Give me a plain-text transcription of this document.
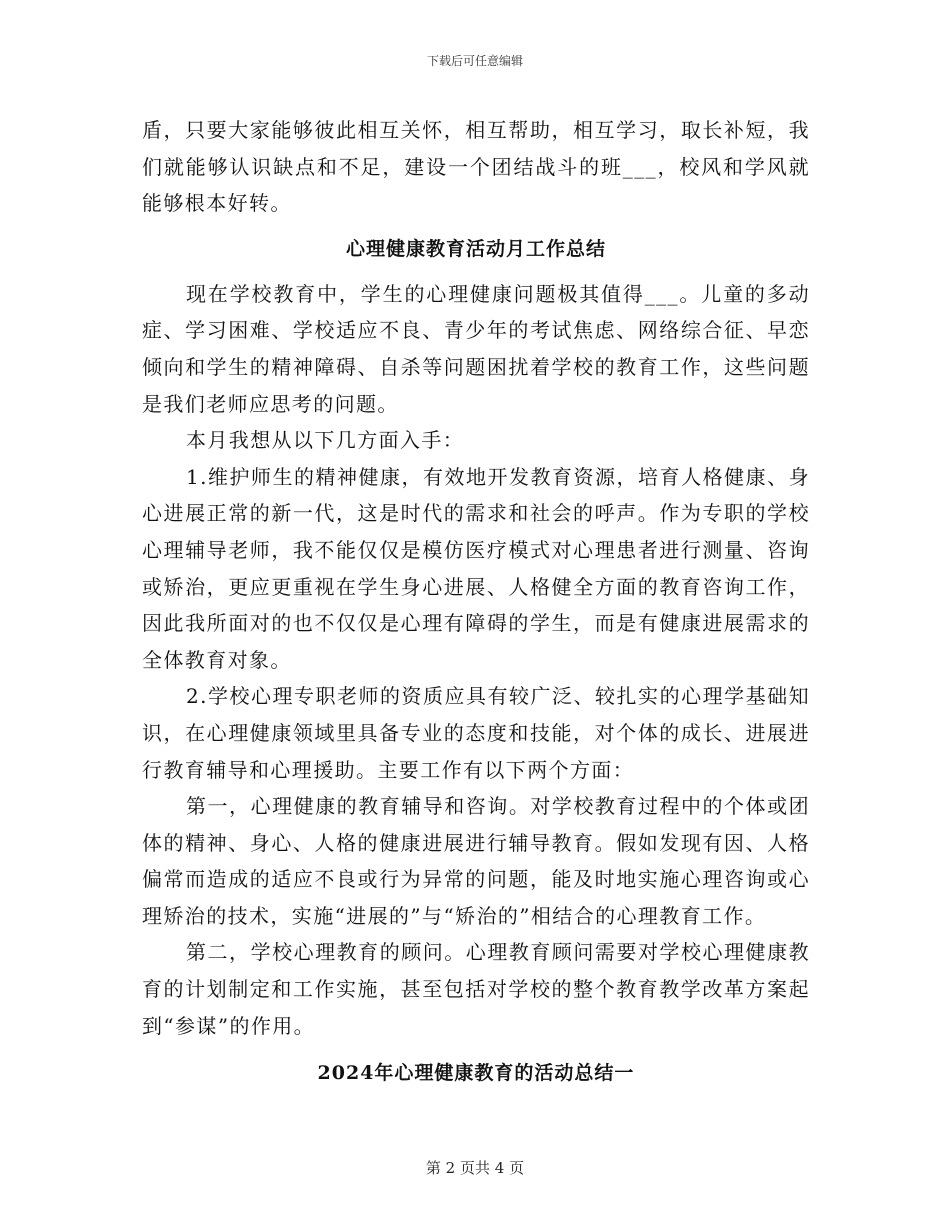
下载后可任意编辑

盾，只要大家能够彼此相互关怀，相互帮助，相互学习，取长补短，我们就能够认识缺点和不足，建设一个团结战斗的班___，校风和学风就能够根本好转。

心理健康教育活动月工作总结

现在学校教育中，学生的心理健康问题极其值得___。儿童的多动症、学习困难、学校适应不良、青少年的考试焦虑、网络综合征、早恋倾向和学生的精神障碍、自杀等问题困扰着学校的教育工作，这些问题是我们老师应思考的问题。

本月我想从以下几方面入手：

1.维护师生的精神健康，有效地开发教育资源，培育人格健康、身心进展正常的新一代，这是时代的需求和社会的呼声。作为专职的学校心理辅导老师，我不能仅仅是模仿医疗模式对心理患者进行测量、咨询或矫治，更应更重视在学生身心进展、人格健全方面的教育咨询工作，因此我所面对的也不仅仅是心理有障碍的学生，而是有健康进展需求的全体教育对象。

2.学校心理专职老师的资质应具有较广泛、较扎实的心理学基础知识，在心理健康领域里具备专业的态度和技能，对个体的成长、进展进行教育辅导和心理援助。主要工作有以下两个方面：

第一，心理健康的教育辅导和咨询。对学校教育过程中的个体或团体的精神、身心、人格的健康进展进行辅导教育。假如发现有因、人格偏常而造成的适应不良或行为异常的问题，能及时地实施心理咨询或心理矫治的技术，实施“进展的”与“矫治的”相结合的心理教育工作。

第二，学校心理教育的顾问。心理教育顾问需要对学校心理健康教育的计划制定和工作实施，甚至包括对学校的整个教育教学改革方案起到“参谋”的作用。

2024年心理健康教育的活动总结一
第 2 页共 4 页
